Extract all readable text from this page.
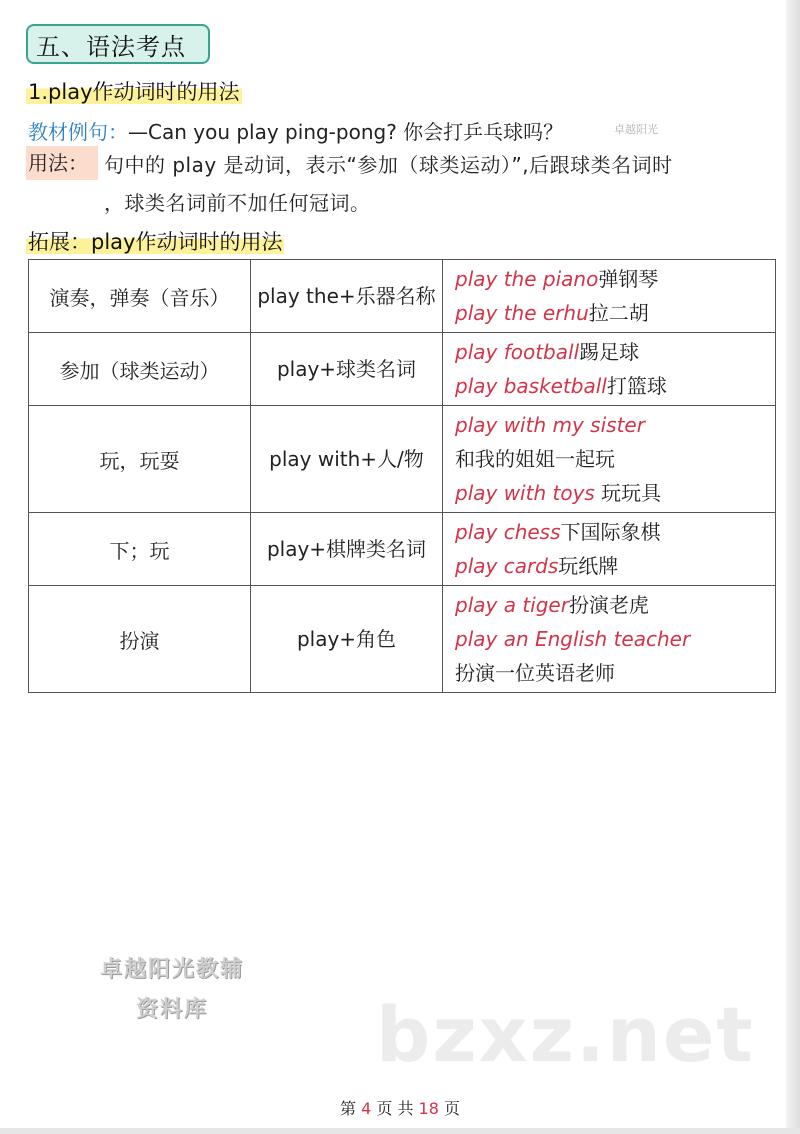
五、语法考点
1.play作动词时的用法
教材例句：—Can you play ping-pong? 你会打乒乓球吗？	卓越阳光
用法： 句中的 play 是动词，表示“参加（球类运动）”,后跟球类名词时
，球类名词前不加任何冠词。
拓展：play作动词时的用法
演奏，弹奏（音乐）	play the+乐器名称	play the piano弹钢琴
play the erhu拉二胡

参加（球类运动）	play+球类名词	play football踢足球
play basketball打篮球

玩，玩耍	play with+人/物	play with my sister
和我的姐姐一起玩
play with toys 玩玩具

下；玩	play+棋牌类名词	play chess下国际象棋
play cards玩纸牌

扮演	play+角色	play a tiger扮演老虎
play an English teacher
扮演一位英语老师
卓越阳光教辅
资料库 bzxz.net
第 4 页 共 18 页
